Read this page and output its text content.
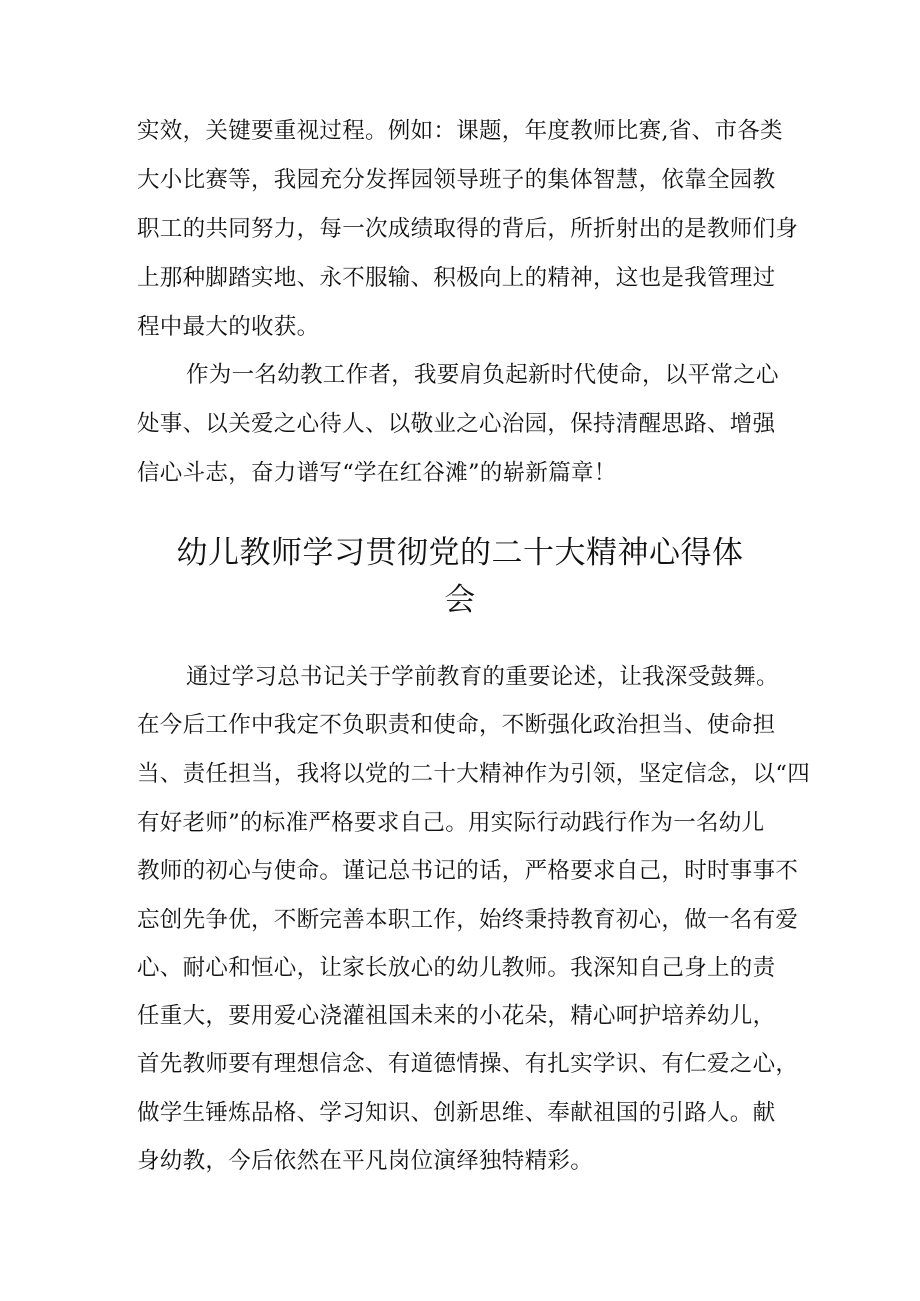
实效，关键要重视过程。例如：课题，年度教师比赛,省、市各类
大小比赛等，我园充分发挥园领导班子的集体智慧，依靠全园教
职工的共同努力，每一次成绩取得的背后，所折射出的是教师们身
上那种脚踏实地、永不服输、积极向上的精神，这也是我管理过
程中最大的收获。
作为一名幼教工作者，我要肩负起新时代使命，以平常之心
处事、以关爱之心待人、以敬业之心治园，保持清醒思路、增强
信心斗志，奋力谱写“学在红谷滩”的崭新篇章！
幼儿教师学习贯彻党的二十大精神心得体
会
通过学习总书记关于学前教育的重要论述，让我深受鼓舞。
在今后工作中我定不负职责和使命，不断强化政治担当、使命担
当、责任担当，我将以党的二十大精神作为引领，坚定信念，以“四
有好老师”的标准严格要求自己。用实际行动践行作为一名幼儿
教师的初心与使命。谨记总书记的话，严格要求自己，时时事事不
忘创先争优，不断完善本职工作，始终秉持教育初心，做一名有爱
心、耐心和恒心，让家长放心的幼儿教师。我深知自己身上的责
任重大，要用爱心浇灌祖国未来的小花朵，精心呵护培养幼儿，
首先教师要有理想信念、有道德情操、有扎实学识、有仁爱之心，
做学生锤炼品格、学习知识、创新思维、奉献祖国的引路人。献
身幼教，今后依然在平凡岗位演绎独特精彩。
